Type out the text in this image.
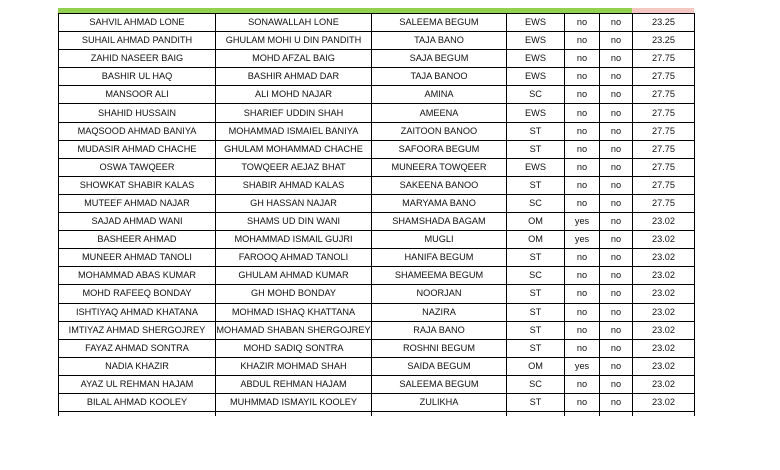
SAHVIL AHMAD LONE	SONAWALLAH LONE	SALEEMA BEGUM	EWS	no	no	23.25
SUHAIL AHMAD PANDITH	GHULAM MOHI U DIN PANDITH	TAJA BANO	EWS	no	no	23.25
ZAHID NASEER BAIG	MOHD AFZAL BAIG	SAJA BEGUM	EWS	no	no	27.75
BASHIR UL HAQ	BASHIR AHMAD DAR	TAJA BANOO	EWS	no	no	27.75
MANSOOR ALI	ALI MOHD NAJAR	AMINA	SC	no	no	27.75
SHAHID HUSSAIN	SHARIEF UDDIN SHAH	AMEENA	EWS	no	no	27.75
MAQSOOD AHMAD BANIYA	MOHAMMAD ISMAIEL BANIYA	ZAITOON BANOO	ST	no	no	27.75
MUDASIR AHMAD CHACHE	GHULAM MOHAMMAD CHACHE	SAFOORA BEGUM	ST	no	no	27.75
OSWA TAWQEER	TOWQEER AEJAZ BHAT	MUNEERA TOWQEER	EWS	no	no	27.75
SHOWKAT SHABIR KALAS	SHABIR AHMAD KALAS	SAKEENA BANOO	ST	no	no	27.75
MUTEEF AHMAD NAJAR	GH HASSAN NAJAR	MARYAMA BANO	SC	no	no	27.75
SAJAD AHMAD WANI	SHAMS UD DIN WANI	SHAMSHADA BAGAM	OM	yes	no	23.02
BASHEER AHMAD	MOHAMMAD ISMAIL GUJRI	MUGLI	OM	yes	no	23.02
MUNEER AHMAD TANOLI	FAROOQ AHMAD TANOLI	HANIFA BEGUM	ST	no	no	23.02
MOHAMMAD ABAS KUMAR	GHULAM AHMAD KUMAR	SHAMEEMA BEGUM	SC	no	no	23.02
MOHD RAFEEQ BONDAY	GH MOHD BONDAY	NOORJAN	ST	no	no	23.02
ISHTIYAQ AHMAD KHATANA	MOHMAD ISHAQ KHATTANA	NAZIRA	ST	no	no	23.02
IMTIYAZ AHMAD SHERGOJREY	MOHAMAD SHABAN SHERGOJREY	RAJA BANO	ST	no	no	23.02
FAYAZ AHMAD SONTRA	MOHD SADIQ SONTRA	ROSHNI BEGUM	ST	no	no	23.02
NADIA KHAZIR	KHAZIR MOHMAD SHAH	SAIDA BEGUM	OM	yes	no	23.02
AYAZ UL REHMAN HAJAM	ABDUL REHMAN HAJAM	SALEEMA BEGUM	SC	no	no	23.02
BILAL AHMAD KOOLEY	MUHMMAD ISMAYIL KOOLEY	ZULIKHA	ST	no	no	23.02
